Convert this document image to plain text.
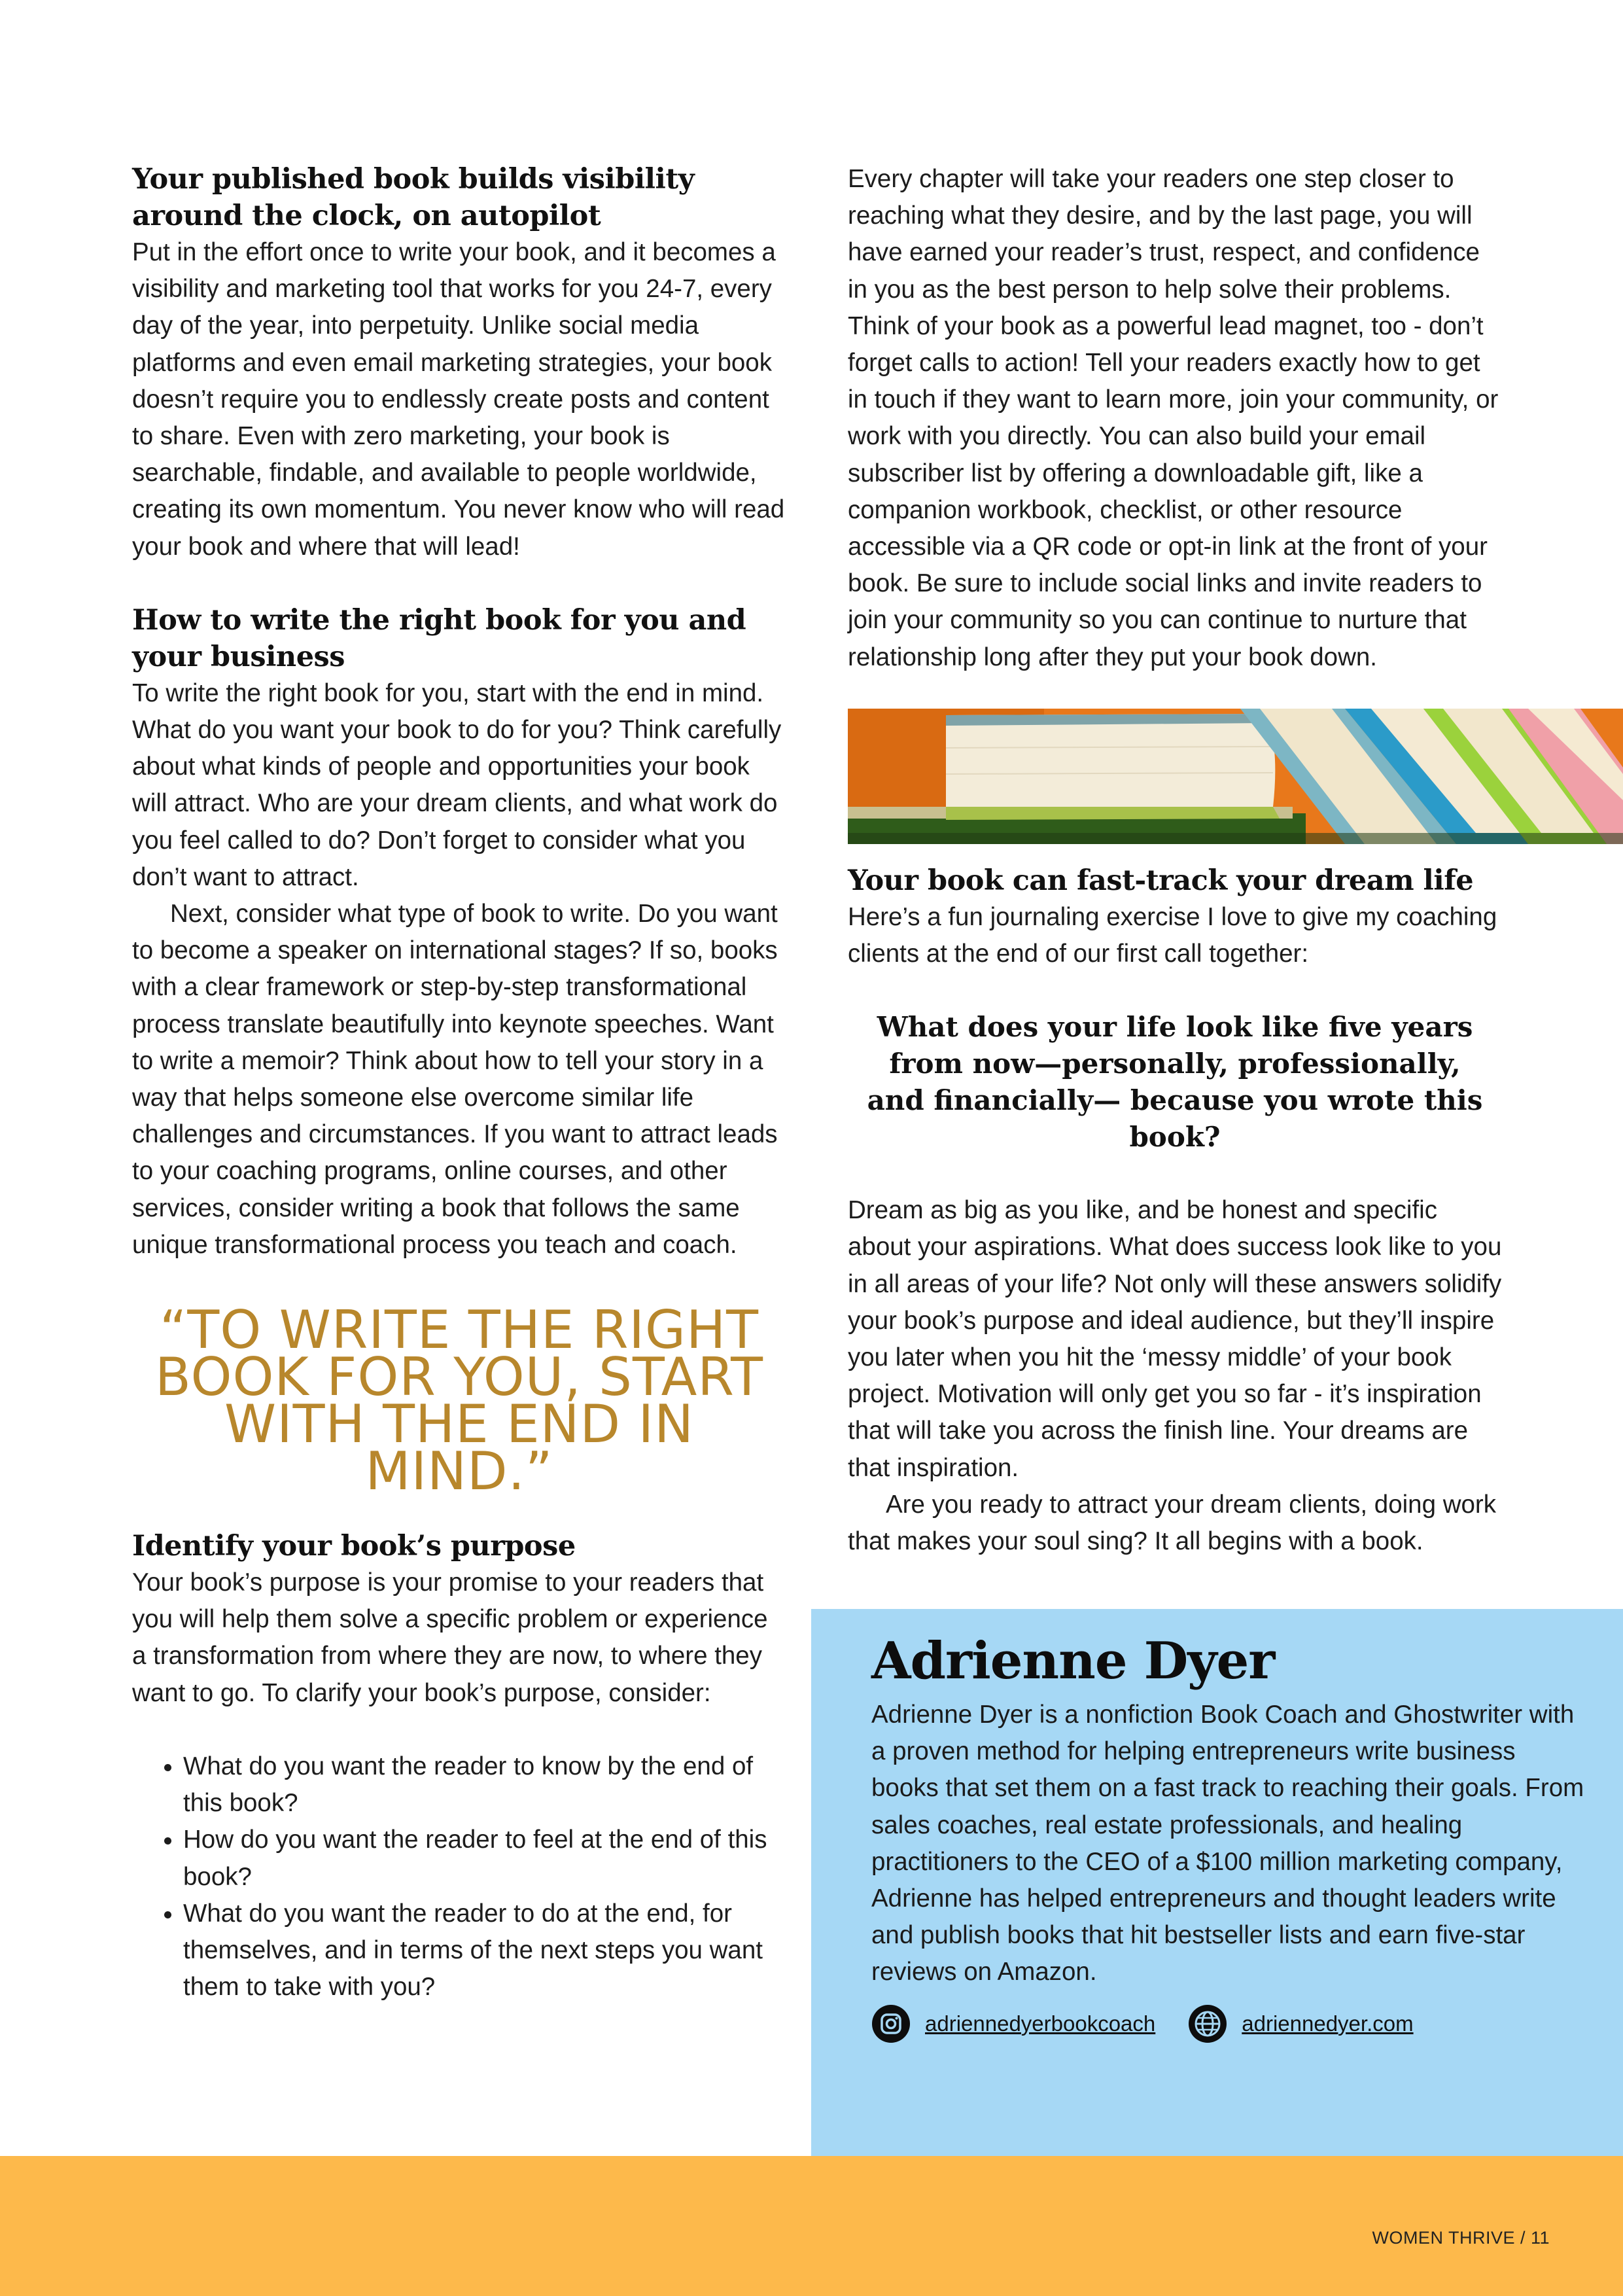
Your published book builds visibility around the clock, on autopilot

Put in the effort once to write your book, and it becomes a visibility and marketing tool that works for you 24-7, every day of the year, into perpetuity. Unlike social media platforms and even email marketing strategies, your book doesn’t require you to endlessly create posts and content to share. Even with zero marketing, your book is searchable, findable, and available to people worldwide, creating its own momentum. You never know who will read your book and where that will lead!

How to write the right book for you and your business

To write the right book for you, start with the end in mind. What do you want your book to do for you? Think carefully about what kinds of people and opportunities your book will attract. Who are your dream clients, and what work do you feel called to do? Don’t forget to consider what you don’t want to attract.

Next, consider what type of book to write. Do you want to become a speaker on international stages? If so, books with a clear framework or step-by-step transformational process translate beautifully into keynote speeches. Want to write a memoir? Think about how to tell your story in a way that helps someone else overcome similar life challenges and circumstances. If you want to attract leads to your coaching programs, online courses, and other services, consider writing a book that follows the same unique transformational process you teach and coach.

“TO WRITE THE RIGHT BOOK FOR YOU, START WITH THE END IN MIND.”

Identify your book’s purpose

Your book’s purpose is your promise to your readers that you will help them solve a specific problem or experience a transformation from where they are now, to where they want to go. To clarify your book’s purpose, consider:

• What do you want the reader to know by the end of this book?
• How do you want the reader to feel at the end of this book?
• What do you want the reader to do at the end, for themselves, and in terms of the next steps you want them to take with you?

Every chapter will take your readers one step closer to reaching what they desire, and by the last page, you will have earned your reader’s trust, respect, and confidence in you as the best person to help solve their problems. Think of your book as a powerful lead magnet, too - don’t forget calls to action! Tell your readers exactly how to get in touch if they want to learn more, join your community, or work with you directly. You can also build your email subscriber list by offering a downloadable gift, like a companion workbook, checklist, or other resource accessible via a QR code or opt-in link at the front of your book. Be sure to include social links and invite readers to join your community so you can continue to nurture that relationship long after they put your book down.

Your book can fast-track your dream life

Here’s a fun journaling exercise I love to give my coaching clients at the end of our first call together:

What does your life look like five years from now—personally, professionally, and financially— because you wrote this book?

Dream as big as you like, and be honest and specific about your aspirations. What does success look like to you in all areas of your life? Not only will these answers solidify your book’s purpose and ideal audience, but they’ll inspire you later when you hit the ‘messy middle’ of your book project. Motivation will only get you so far - it’s inspiration that will take you across the finish line. Your dreams are that inspiration.

Are you ready to attract your dream clients, doing work that makes your soul sing? It all begins with a book.

Adrienne Dyer

Adrienne Dyer is a nonfiction Book Coach and Ghostwriter with a proven method for helping entrepreneurs write business books that set them on a fast track to reaching their goals. From sales coaches, real estate professionals, and healing practitioners to the CEO of a $100 million marketing company, Adrienne has helped entrepreneurs and thought leaders write and publish books that hit bestseller lists and earn five-star reviews on Amazon.

adriennedyerbookcoach	adriennedyer.com
WOMEN THRIVE / 11
